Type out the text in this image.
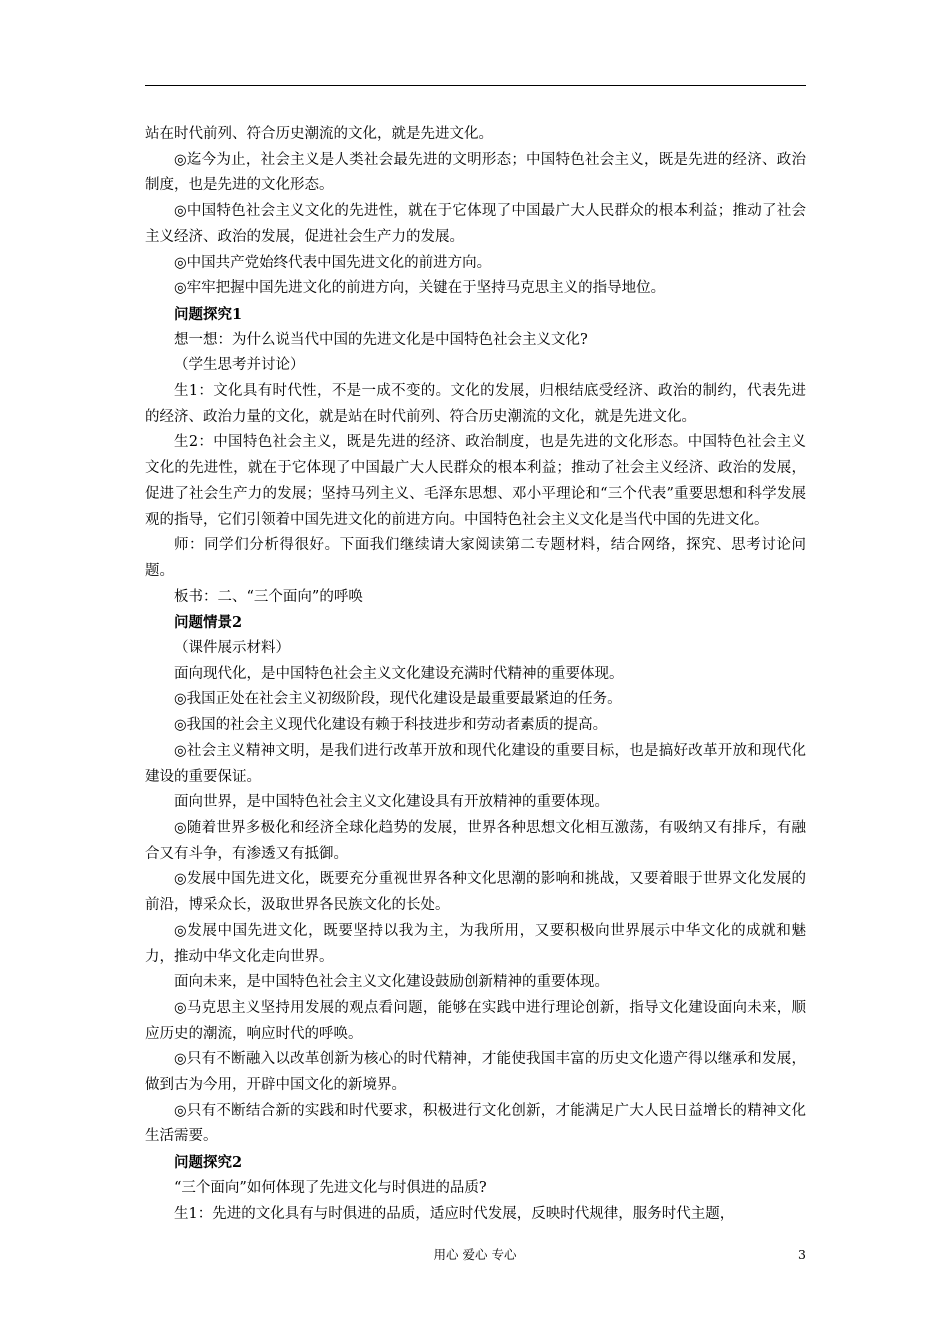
站在时代前列、符合历史潮流的文化，就是先进文化。

◎迄今为止，社会主义是人类社会最先进的文明形态；中国特色社会主义，既是先进的经济、政治制度，也是先进的文化形态。

◎中国特色社会主义文化的先进性，就在于它体现了中国最广大人民群众的根本利益；推动了社会主义经济、政治的发展，促进社会生产力的发展。

◎中国共产党始终代表中国先进文化的前进方向。

◎牢牢把握中国先进文化的前进方向，关键在于坚持马克思主义的指导地位。

问题探究1

想一想：为什么说当代中国的先进文化是中国特色社会主义文化?

（学生思考并讨论）

生1：文化具有时代性，不是一成不变的。文化的发展，归根结底受经济、政治的制约，代表先进的经济、政治力量的文化，就是站在时代前列、符合历史潮流的文化，就是先进文化。

生2：中国特色社会主义，既是先进的经济、政治制度，也是先进的文化形态。中国特色社会主义文化的先进性，就在于它体现了中国最广大人民群众的根本利益；推动了社会主义经济、政治的发展，促进了社会生产力的发展；坚持马列主义、毛泽东思想、邓小平理论和“三个代表”重要思想和科学发展观的指导，它们引领着中国先进文化的前进方向。中国特色社会主义文化是当代中国的先进文化。

师：同学们分析得很好。下面我们继续请大家阅读第二专题材料，结合网络，探究、思考讨论问题。

板书：二、“三个面向”的呼唤

问题情景2

（课件展示材料）

面向现代化，是中国特色社会主义文化建设充满时代精神的重要体现。

◎我国正处在社会主义初级阶段，现代化建设是最重要最紧迫的任务。

◎我国的社会主义现代化建设有赖于科技进步和劳动者素质的提高。

◎社会主义精神文明，是我们进行改革开放和现代化建设的重要目标，也是搞好改革开放和现代化建设的重要保证。

面向世界，是中国特色社会主义文化建设具有开放精神的重要体现。

◎随着世界多极化和经济全球化趋势的发展，世界各种思想文化相互激荡，有吸纳又有排斥，有融合又有斗争，有渗透又有抵御。

◎发展中国先进文化，既要充分重视世界各种文化思潮的影响和挑战，又要着眼于世界文化发展的前沿，博采众长，汲取世界各民族文化的长处。

◎发展中国先进文化，既要坚持以我为主，为我所用，又要积极向世界展示中华文化的成就和魅力，推动中华文化走向世界。

面向未来，是中国特色社会主义文化建设鼓励创新精神的重要体现。

◎马克思主义坚持用发展的观点看问题，能够在实践中进行理论创新，指导文化建设面向未来，顺应历史的潮流，响应时代的呼唤。

◎只有不断融入以改革创新为核心的时代精神，才能使我国丰富的历史文化遗产得以继承和发展，做到古为今用，开辟中国文化的新境界。

◎只有不断结合新的实践和时代要求，积极进行文化创新，才能满足广大人民日益增长的精神文化生活需要。

问题探究2

“三个面向”如何体现了先进文化与时俱进的品质?

生1：先进的文化具有与时俱进的品质，适应时代发展，反映时代规律，服务时代主题，

用心 爱心 专心	3
